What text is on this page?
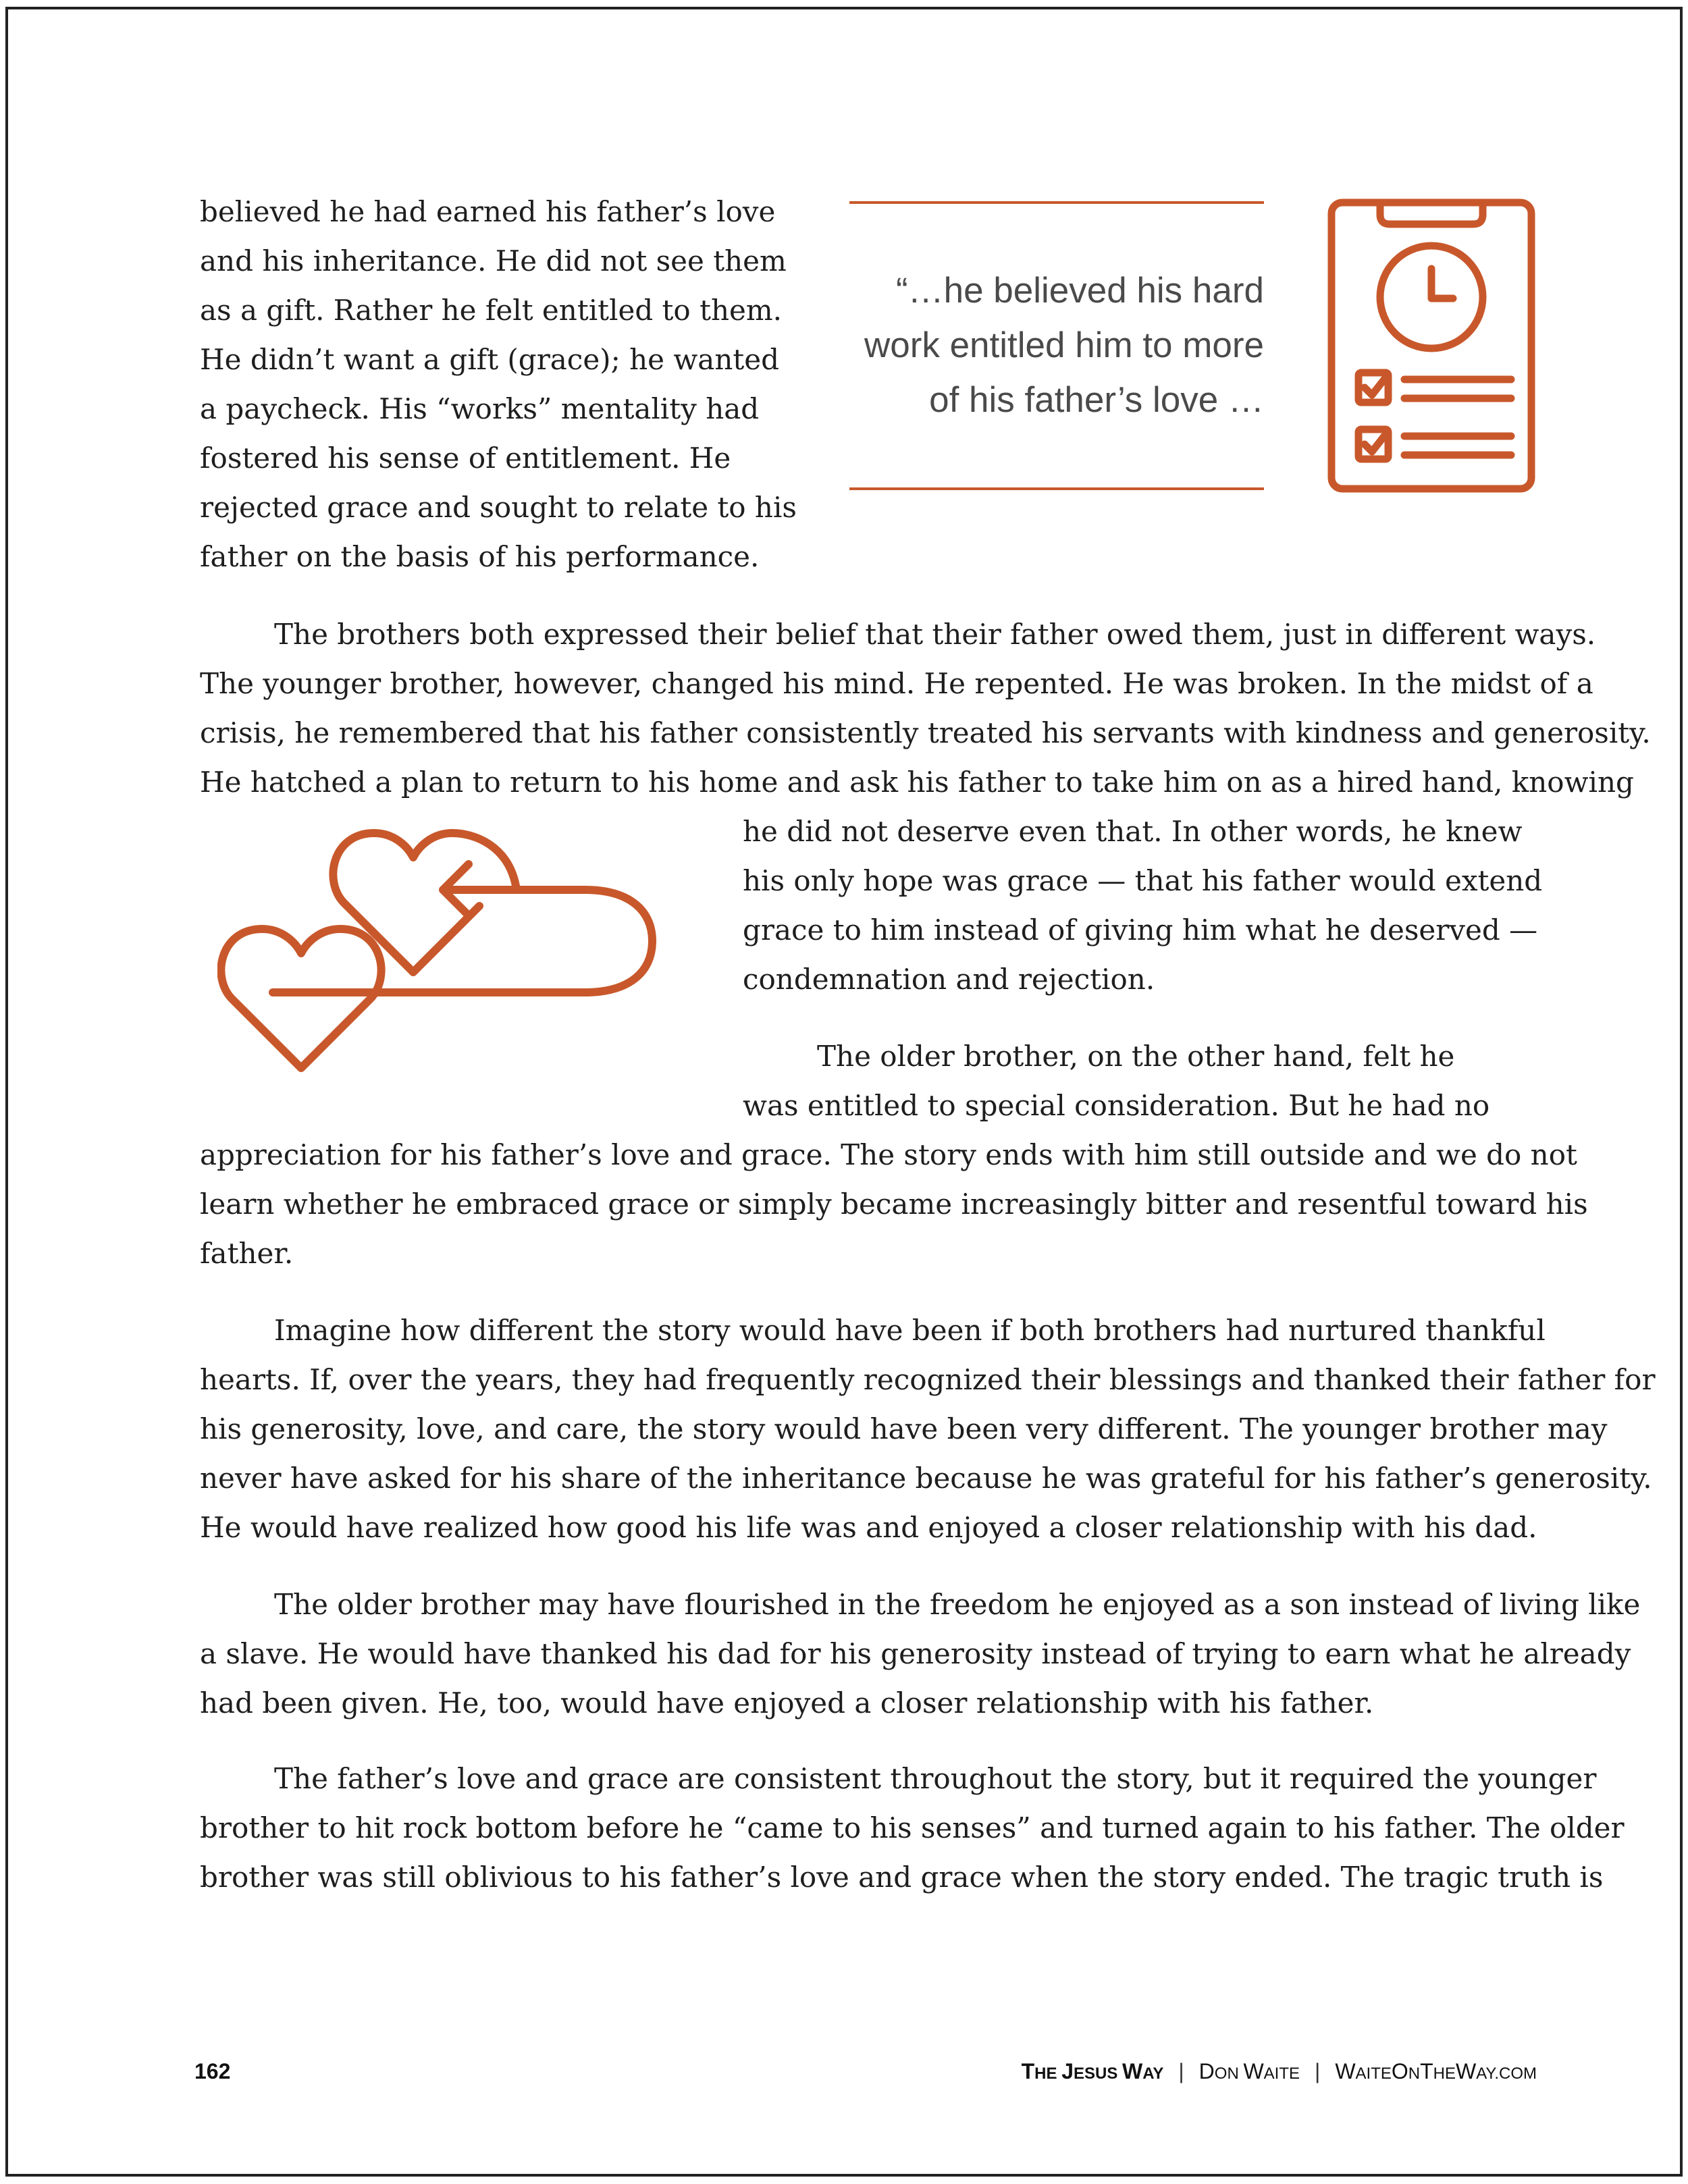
believed he had earned his father’s love
and his inheritance. He did not see them
as a gift. Rather he felt entitled to them.
He didn’t want a gift (grace); he wanted
a paycheck. His “works” mentality had
fostered his sense of entitlement. He
rejected grace and sought to relate to his
father on the basis of his performance.
“…he believed his hard
work entitled him to more
of his father’s love …
The brothers both expressed their belief that their father owed them, just in different ways.
The younger brother, however, changed his mind. He repented. He was broken. In the midst of a
crisis, he remembered that his father consistently treated his servants with kindness and generosity.
He hatched a plan to return to his home and ask his father to take him on as a hired hand, knowing
he did not deserve even that. In other words, he knew
his only hope was grace — that his father would extend
grace to him instead of giving him what he deserved —
condemnation and rejection.
The older brother, on the other hand, felt he
was entitled to special consideration. But he had no
appreciation for his father’s love and grace. The story ends with him still outside and we do not
learn whether he embraced grace or simply became increasingly bitter and resentful toward his
father.
Imagine how different the story would have been if both brothers had nurtured thankful
hearts. If, over the years, they had frequently recognized their blessings and thanked their father for
his generosity, love, and care, the story would have been very different. The younger brother may
never have asked for his share of the inheritance because he was grateful for his father’s generosity.
He would have realized how good his life was and enjoyed a closer relationship with his dad.
The older brother may have flourished in the freedom he enjoyed as a son instead of living like
a slave. He would have thanked his dad for his generosity instead of trying to earn what he already
had been given. He, too, would have enjoyed a closer relationship with his father.
The father’s love and grace are consistent throughout the story, but it required the younger
brother to hit rock bottom before he “came to his senses” and turned again to his father. The older
brother was still oblivious to his father’s love and grace when the story ended. The tragic truth is
162	THE JESUS WAY | DON WAITE | WAITEONTHEWAY.COM
